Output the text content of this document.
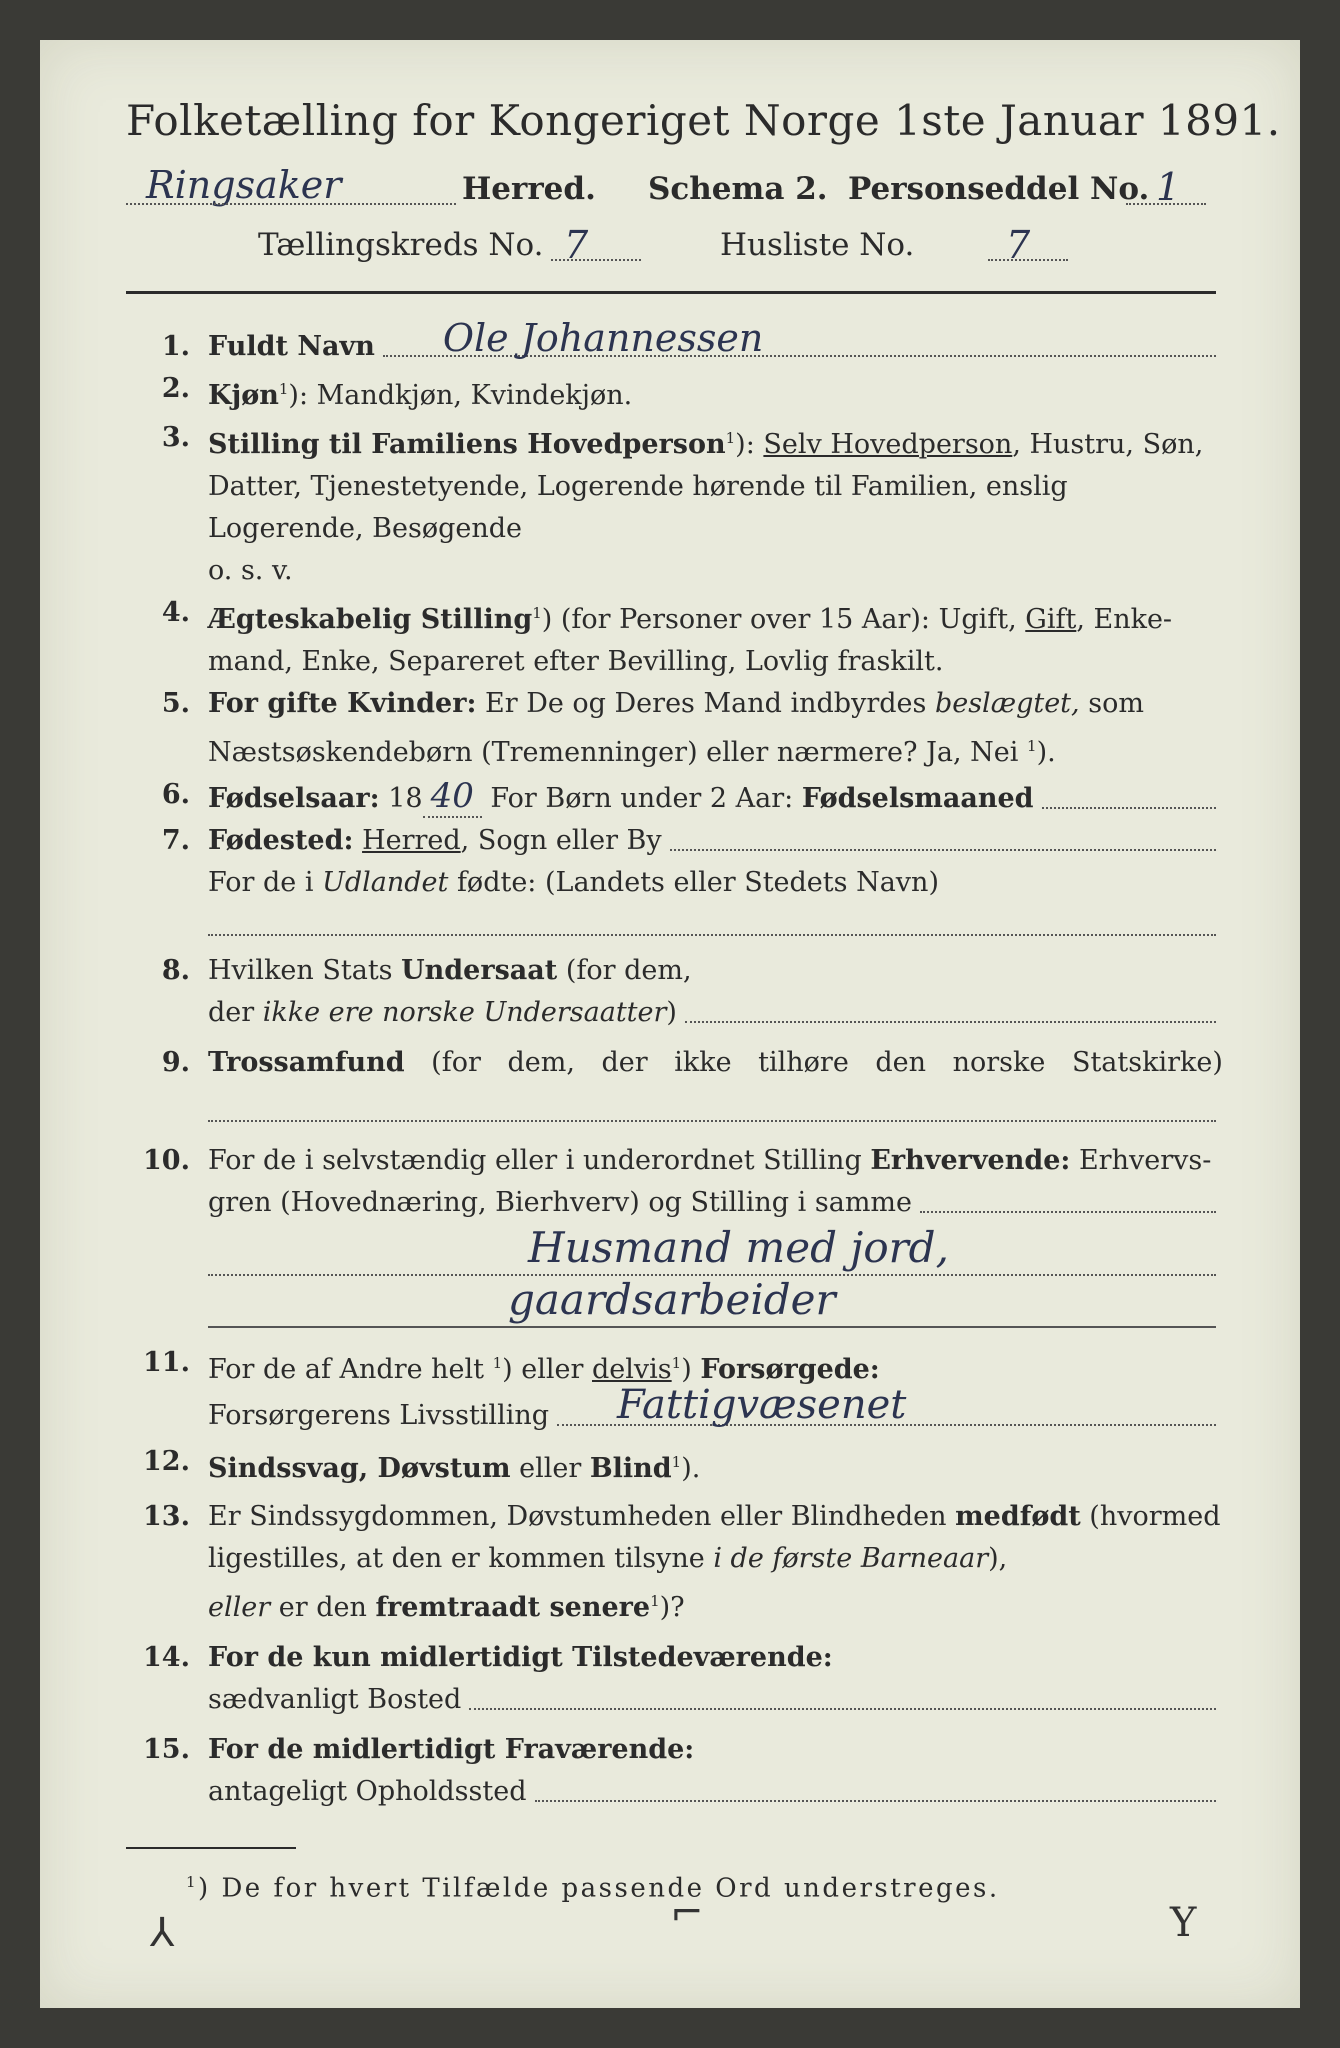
Folketælling for Kongeriget Norge 1ste Januar 1891.
Ringsaker	Herred. Schema 2. Personseddel No. 1
Tællingskreds No. 7	Husliste No. 7
1. Fuldt Navn Ole Johannessen
2. Kjøn$^1$): Mandkjøn, Kvindekjøn.
3. Stilling til Familiens Hovedperson$^1$): Selv Hovedperson, Hustru, Søn,
Datter, Tjenestetyende, Logerende hørende til Familien, enslig
Logerende, Besøgende
o. s. v.
4. Ægteskabelig Stilling$^1$) (for Personer over 15 Aar): Ugift, Gift, Enke-
mand, Enke, Separeret efter Bevilling, Lovlig fraskilt.
5. For gifte Kvinder: Er De og Deres Mand indbyrdes beslægtet, som
Næstsøskendebørn (Tremenninger) eller nærmere? Ja, Nei $^1$).
6. Fødselsaar: 18 40 For Børn under 2 Aar: Fødselsmaaned
7. Fødested: Herred, Sogn eller By
For de i Udlandet fødte: (Landets eller Stedets Navn)
8. Hvilken Stats Undersaat (for dem,
der ikke ere norske Undersaatter)
9. Trossamfund (for dem, der ikke tilhøre den norske Statskirke)
10. For de i selvstændig eller i underordnet Stilling Erhvervende: Erhvervs-
gren (Hovednæring, Bierhverv) og Stilling i samme
Husmand med jord,
gaardsarbeider
11. For de af Andre helt $^1$) eller delvis$^1$) Forsørgede:
Forsørgerens Livsstilling Fattigvæsenet
12. Sindssvag, Døvstum eller Blind$^1$).
13. Er Sindssygdommen, Døvstumheden eller Blindheden medfødt (hvormed
ligestilles, at den er kommen tilsyne i de første Barneaar),
eller er den fremtraadt senere$^1$)?
14. For de kun midlertidigt Tilstedeværende:
sædvanligt Bosted
15. For de midlertidigt Fraværende:
antageligt Opholdssted
$^1$) De for hvert Tilfælde passende Ord understreges.
⅄	⌐	Y
